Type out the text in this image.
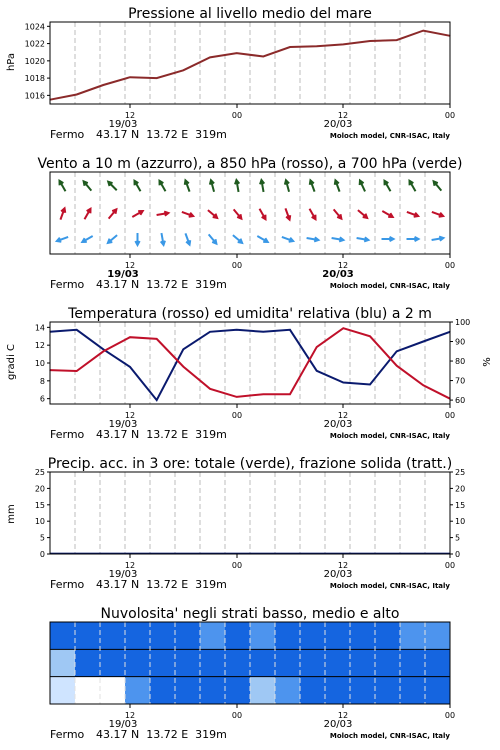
Pressione al livello medio del mare
hPa
1016
1018
1020
1022
1024
12	00	12	00
19/03	20/03
Fermo 43.17 N  13.72 E  319m	Moloch model, CNR-ISAC, Italy
Vento a 10 m (azzurro), a 850 hPa (rosso), a 700 hPa (verde)
12	00	12	00
19/03	20/03
Fermo 43.17 N  13.72 E  319m	Moloch model, CNR-ISAC, Italy
Temperatura (rosso) ed umidita' relativa (blu) a 2 m
gradi C	%
6
8
10
12
14
60
70
80
90
100
12	00	12	00
19/03	20/03
Fermo 43.17 N  13.72 E  319m	Moloch model, CNR-ISAC, Italy
Precip. acc. in 3 ore: totale (verde), frazione solida (tratt.)
mm
0
5
10
15
20
25
0
5
10
15
20
25
12	00	12	00
19/03	20/03
Fermo 43.17 N  13.72 E  319m	Moloch model, CNR-ISAC, Italy
Nuvolosita' negli strati basso, medio e alto
12	00	12	00
19/03	20/03
Fermo 43.17 N  13.72 E  319m	Moloch model, CNR-ISAC, Italy
